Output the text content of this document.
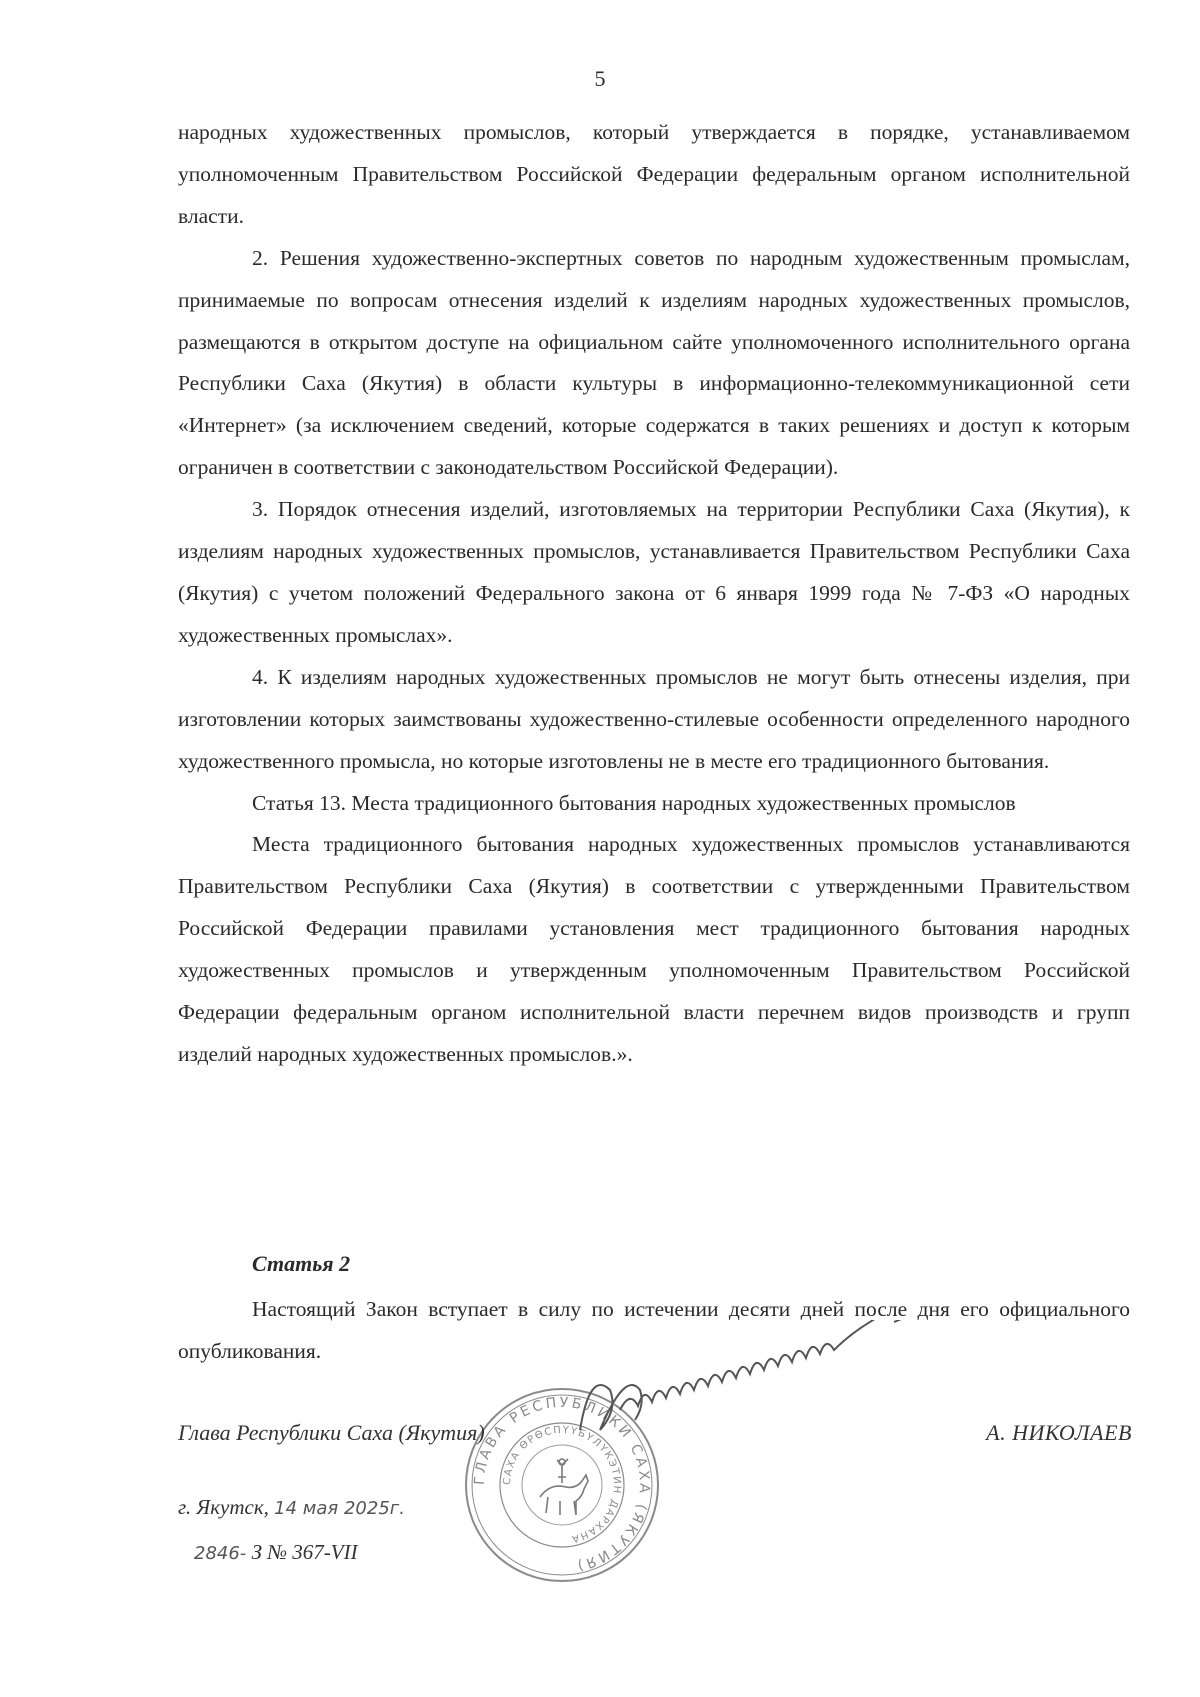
5

народных художественных промыслов, который утверждается в порядке, устанавливаемом уполномоченным Правительством Российской Федерации федеральным органом исполнительной власти.

2. Решения художественно-экспертных советов по народным художественным промыслам, принимаемые по вопросам отнесения изделий к изделиям народных художественных промыслов, размещаются в открытом доступе на официальном сайте уполномоченного исполнительного органа Республики Саха (Якутия) в области культуры в информационно-телекоммуникационной сети «Интернет» (за исключением сведений, которые содержатся в таких решениях и доступ к которым ограничен в соответствии с законодательством Российской Федерации).

3. Порядок отнесения изделий, изготовляемых на территории Республики Саха (Якутия), к изделиям народных художественных промыслов, устанавливается Правительством Республики Саха (Якутия) с учетом положений Федерального закона от 6 января 1999 года № 7-ФЗ «О народных художественных промыслах».

4. К изделиям народных художественных промыслов не могут быть отнесены изделия, при изготовлении которых заимствованы художественно-стилевые особенности определенного народного художественного промысла, но которые изготовлены не в месте его традиционного бытования.

Статья 13. Места традиционного бытования народных художественных промыслов

Места традиционного бытования народных художественных промыслов устанавливаются Правительством Республики Саха (Якутия) в соответствии с утвержденными Правительством Российской Федерации правилами установления мест традиционного бытования народных художественных промыслов и утвержденным уполномоченным Правительством Российской Федерации федеральным органом исполнительной власти перечнем видов производств и групп изделий народных художественных промыслов.».

Статья 2

Настоящий Закон вступает в силу по истечении десяти дней после дня его официального опубликования.

ГЛАВА РЕСПУБЛИКИ САХА (ЯКУТИЯ)
САХА ӨРӨСПҮҮБҮЛҮКЭТИН ДАРХАНА
Глава Республики Саха (Якутия)	А. НИКОЛАЕВ
г. Якутск, 14 мая 2025г.
2846- З № 367-VII
